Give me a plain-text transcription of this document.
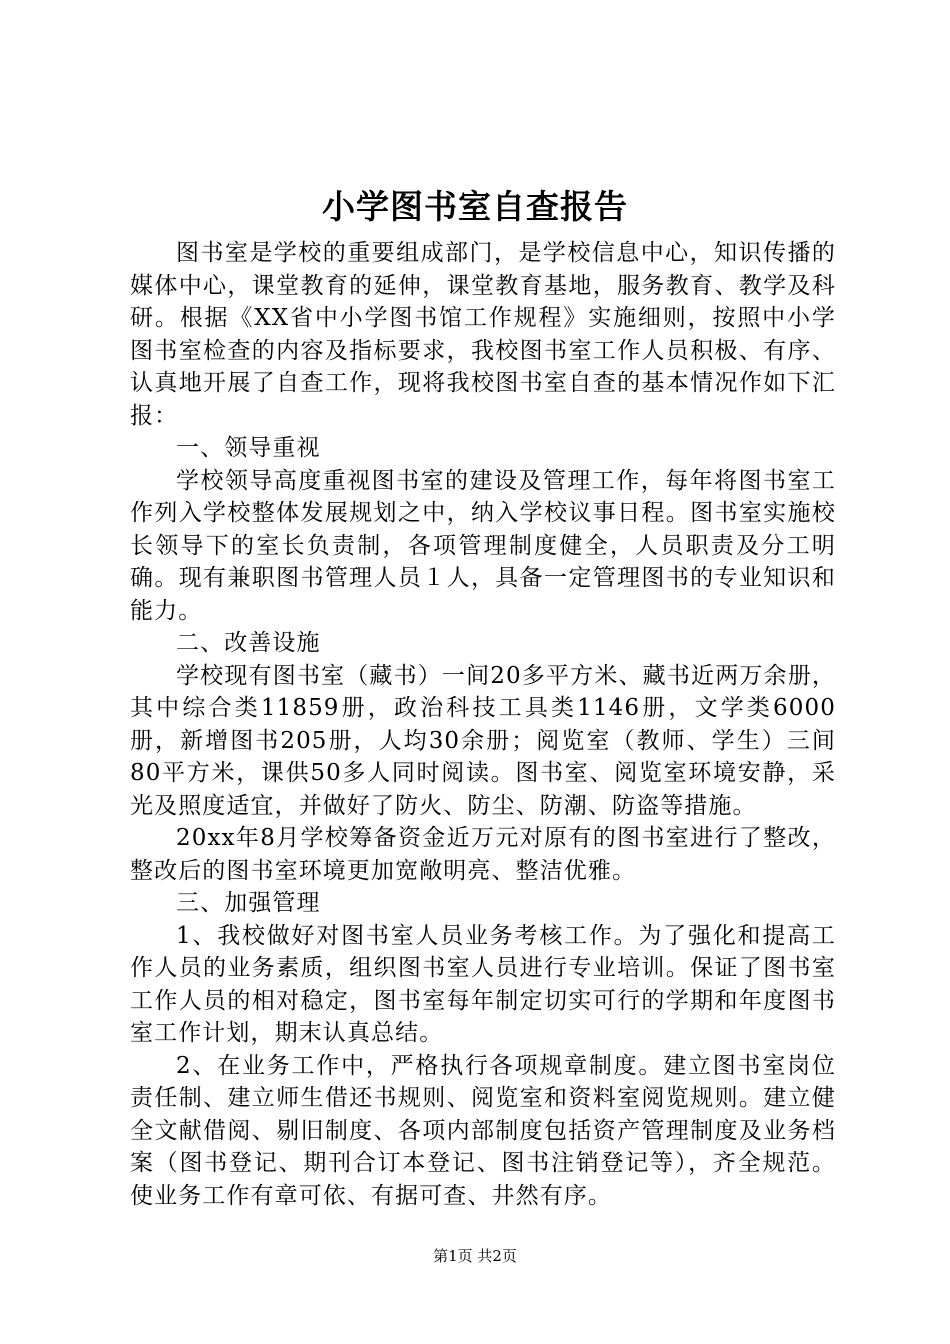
小学图书室自查报告

图书室是学校的重要组成部门，是学校信息中心，知识传播的媒体中心，课堂教育的延伸，课堂教育基地，服务教育、教学及科研。根据《XX省中小学图书馆工作规程》实施细则，按照中小学图书室检查的内容及指标要求，我校图书室工作人员积极、有序、认真地开展了自查工作，现将我校图书室自查的基本情况作如下汇报：

一、领导重视

学校领导高度重视图书室的建设及管理工作，每年将图书室工作列入学校整体发展规划之中，纳入学校议事日程。图书室实施校长领导下的室长负责制，各项管理制度健全，人员职责及分工明确。现有兼职图书管理人员１人，具备一定管理图书的专业知识和能力。

二、改善设施

学校现有图书室（藏书）一间20多平方米、藏书近两万余册，其中综合类11859册，政治科技工具类1146册，文学类6000册，新增图书205册，人均30余册；阅览室（教师、学生）三间80平方米，课供50多人同时阅读。图书室、阅览室环境安静，采光及照度适宜，并做好了防火、防尘、防潮、防盗等措施。

20xx年8月学校筹备资金近万元对原有的图书室进行了整改，整改后的图书室环境更加宽敞明亮、整洁优雅。

三、加强管理

1、我校做好对图书室人员业务考核工作。为了强化和提高工作人员的业务素质，组织图书室人员进行专业培训。保证了图书室工作人员的相对稳定，图书室每年制定切实可行的学期和年度图书室工作计划，期末认真总结。

2、在业务工作中，严格执行各项规章制度。建立图书室岗位责任制、建立师生借还书规则、阅览室和资料室阅览规则。建立健全文献借阅、剔旧制度、各项内部制度包括资产管理制度及业务档案（图书登记、期刊合订本登记、图书注销登记等），齐全规范。使业务工作有章可依、有据可查、井然有序。

第1页 共2页
